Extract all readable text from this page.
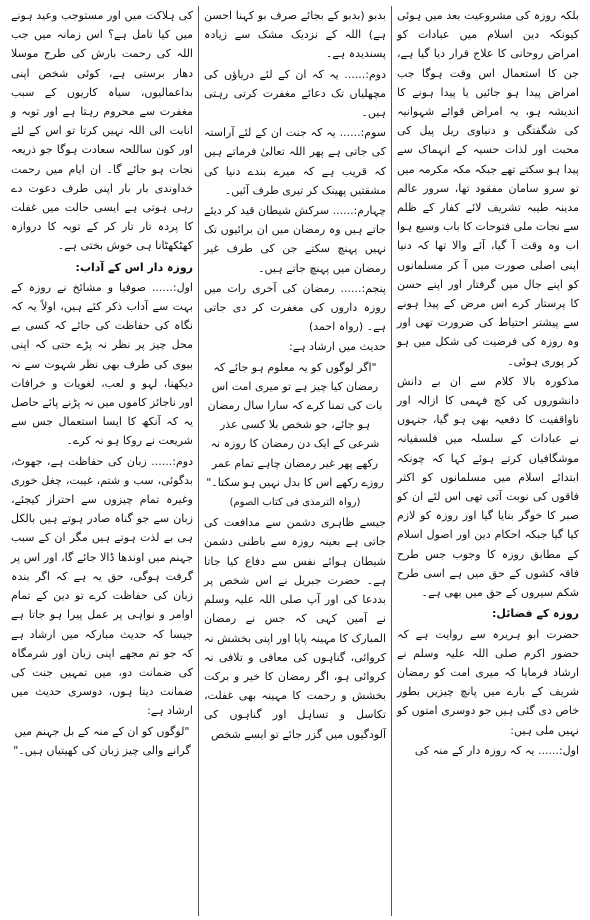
بلکہ روزہ کی مشروعیت بعد میں ہوئی کیونکہ دین اسلام میں عبادات کو امراض روحانی کا علاج قرار دیا گیا ہے، جن کا استعمال اس وقت ہوگا جب امراض پیدا ہو جائیں یا پیدا ہونے کا اندیشہ ہو، یہ امراض قوائے شہوانیہ کی شگفتگی و دنیاوی ریل پیل کی محبت اور لذات حسیہ کے انہماک سے پیدا ہو سکتے تھے جبکہ مکہ مکرمہ میں تو سرو سامان مفقود تھا، سرور عالم مدینہ طیبہ تشریف لائے کفار کے ظلم سے نجات ملی فتوحات کا باب وسیع ہوا اب وہ وقت آ گیا، آئے والا تھا کہ دنیا اپنی اصلی صورت میں آ کر مسلمانوں کو اپنے جال میں گرفتار اور اپنے حسن کا پرستار کرے اس مرض کے پیدا ہونے سے پیشتر احتیاط کی ضرورت تھی اور وہ روزہ کی فرضیت کی شکل میں ہو کر پوری ہوئی۔

مذکورہ بالا کلام سے ان بے دانش دانشوروں کی کج فہمی کا ازالہ اور ناواقفیت کا دفعیہ بھی ہو گیا، جنہوں نے عبادات کے سلسلہ میں فلسفیانہ موشگافیاں کرتے ہوئے کہا کہ چونکہ ابتدائے اسلام میں مسلمانوں کو اکثر فاقوں کی نوبت آتی تھی اس لئے ان کو صبر کا خوگر بنایا گیا اور روزہ کو لازم کیا گیا جبکہ احکام دین اور اصول اسلام کے مطابق روزہ کا وجوب جس طرح فاقہ کشوں کے حق میں ہے اسی طرح شکم سیروں کے حق میں بھی ہے۔

روزہ کے فضائل:

حضرت ابو ہریرہ سے روایت ہے کہ حضور اکرم صلی اللہ علیہ وسلم نے ارشاد فرمایا کہ میری امت کو رمضان شریف کے بارے میں پانچ چیزیں بطور خاص دی گئی ہیں جو دوسری امتوں کو نہیں ملی ہیں:

اول:...... یہ کہ روزہ دار کے منہ کی

بدبو (بدبو کے بجائے صرف بو کہنا احسن ہے) اللہ کے نزدیک مشک سے زیادہ پسندیدہ ہے۔

دوم:...... یہ کہ ان کے لئے دریاؤں کی مچھلیاں تک دعائے مغفرت کرتی رہتی ہیں۔

سوم:...... یہ کہ جنت ان کے لئے آراستہ کی جاتی ہے پھر اللہ تعالیٰ فرماتے ہیں کہ قریب ہے کہ میرے بندے دنیا کی مشقتیں پھینک کر تیری طرف آئیں۔

چہارم:...... سرکش شیطان قید کر دیئے جاتے ہیں وہ رمضان میں ان برائیوں تک نہیں پہنچ سکتے جن کی طرف غیر رمضان میں پہنچ جاتے ہیں۔

پنجم:...... رمضان کی آخری رات میں روزہ داروں کی مغفرت کر دی جاتی ہے۔ (رواہ احمد)

حدیث میں ارشاد ہے:

"اگر لوگوں کو یہ معلوم ہو جائے کہ رمضان کیا چیز ہے تو میری امت اس بات کی تمنا کرے کہ سارا سال رمضان ہو جائے، جو شخص بلا کسی عذر شرعی کے ایک دن رمضان کا روزہ نہ رکھے پھر غیر رمضان چاہے تمام عمر روزے رکھے اس کا بدل نہیں ہو سکتا۔"

(رواہ الترمذی فی کتاب الصوم)

جیسے ظاہری دشمن سے مدافعت کی جاتی ہے بعینہ روزہ سے باطنی دشمن شیطان ہوائے نفس سے دفاع کیا جاتا ہے۔ حضرت جبریل نے اس شخص پر بددعا کی اور آپ صلی اللہ علیہ وسلم نے آمین کہی کہ جس نے رمضان المبارک کا مہینہ پایا اور اپنی بخشش نہ کروائی، گناہوں کی معافی و تلافی نہ کروائی ہو، اگر رمضان کا خیر و برکت بخشش و رحمت کا مہینہ بھی غفلت، تکاسل و تساہل اور گناہوں کی آلودگیوں میں گزر جائے تو ایسے شخص

کی ہلاکت میں اور مستوجب وعید ہونے میں کیا تامل ہے؟ اس زمانہ میں جب اللہ کی رحمت بارش کی طرح موسلا دھار برستی ہے، کوئی شخص اپنی بداعمالیوں، سیاہ کاریوں کے سبب مغفرت سے محروم رہتا ہے اور توبہ و انابت الی اللہ نہیں کرتا تو اس کے لئے اور کون ساللحہ سعادت ہوگا جو ذریعہ نجات ہو جائے گا۔ ان ایام میں رحمت خداوندی بار بار اپنی طرف دعوت دے رہی ہوتی ہے ایسی حالت میں غفلت کا پردہ تار تار کر کے توبہ کا دروازہ کھٹکھٹانا ہی خوش بختی ہے۔

روزہ دار اس کے آداب:

اول:...... صوفیا و مشائخ نے روزہ کے بہت سے آداب ذکر کئے ہیں، اولاً یہ کہ نگاہ کی حفاظت کی جائے کہ کسی بے محل چیز پر نظر نہ پڑے حتی کہ اپنی بیوی کی طرف بھی نظر شہوت سے نہ دیکھنا، لہو و لعب، لغویات و خرافات اور ناجائز کاموں میں نہ پڑنے پائے حاصل یہ کہ آنکھ کا ایسا استعمال جس سے شریعت نے روکا ہو نہ کرے۔

دوم:...... زبان کی حفاظت ہے، جھوٹ، بدگوئی، سب و شتم، غیبت، چغل خوری وغیرہ تمام چیزوں سے احتراز کیجئے، زبان سے جو گناہ صادر ہوتے ہیں بالکل ہی بے لذت ہوتے ہیں مگر ان کے سبب جہنم میں اوندھا ڈالا جائے گا، اور اس پر گرفت ہوگی، حق یہ ہے کہ اگر بندہ زبان کی حفاظت کرے تو دین کے تمام اوامر و نواہی پر عمل پیرا ہو جاتا ہے جیسا کہ حدیث مبارکہ میں ارشاد ہے کہ جو تم مجھے اپنی زبان اور شرمگاہ کی ضمانت دو، میں تمہیں جنت کی ضمانت دیتا ہوں، دوسری حدیث میں ارشاد ہے:

"لوگوں کو ان کے منہ کے بل جہنم میں گرانے والی چیز زبان کی کھیتیاں ہیں۔"
